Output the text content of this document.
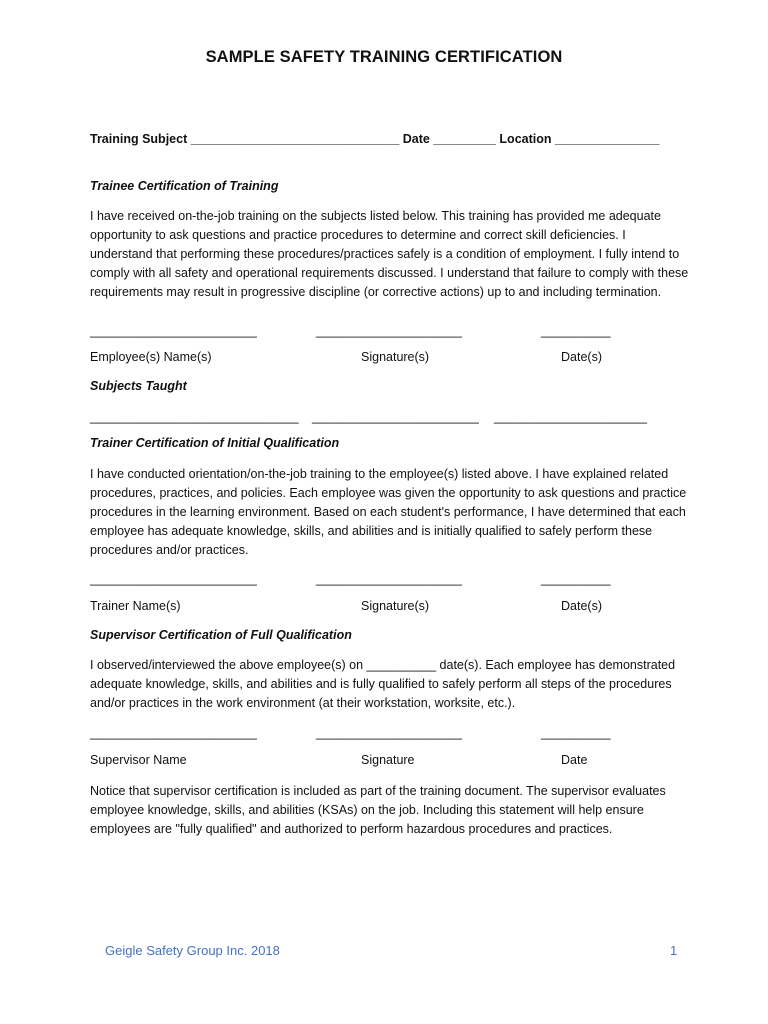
SAMPLE SAFETY TRAINING CERTIFICATION
Training Subject ______________________________ Date _________ Location _______________
Trainee Certification of Training

I have received on-the-job training on the subjects listed below. This training has provided me adequate opportunity to ask questions and practice procedures to determine and correct skill deficiencies. I understand that performing these procedures/practices safely is a condition of employment. I fully intend to comply with all safety and operational requirements discussed. I understand that failure to comply with these requirements may result in progressive discipline (or corrective actions) up to and including termination.

________________________	_____________________	__________
Employee(s) Name(s)	Signature(s)	Date(s)
Subjects Taught
______________________________ ________________________ ______________________
Trainer Certification of Initial Qualification

I have conducted orientation/on-the-job training to the employee(s) listed above. I have explained related procedures, practices, and policies. Each employee was given the opportunity to ask questions and practice procedures in the learning environment. Based on each student's performance, I have determined that each employee has adequate knowledge, skills, and abilities and is initially qualified to safely perform these procedures and/or practices.

________________________	_____________________	__________
Trainer Name(s)	Signature(s)	Date(s)
Supervisor Certification of Full Qualification

I observed/interviewed the above employee(s) on __________ date(s). Each employee has demonstrated adequate knowledge, skills, and abilities and is fully qualified to safely perform all steps of the procedures and/or practices in the work environment (at their workstation, worksite, etc.).

________________________	_____________________	__________
Supervisor Name	Signature	Date

Notice that supervisor certification is included as part of the training document. The supervisor evaluates employee knowledge, skills, and abilities (KSAs) on the job. Including this statement will help ensure employees are "fully qualified" and authorized to perform hazardous procedures and practices.

Geigle Safety Group Inc. 2018	1
